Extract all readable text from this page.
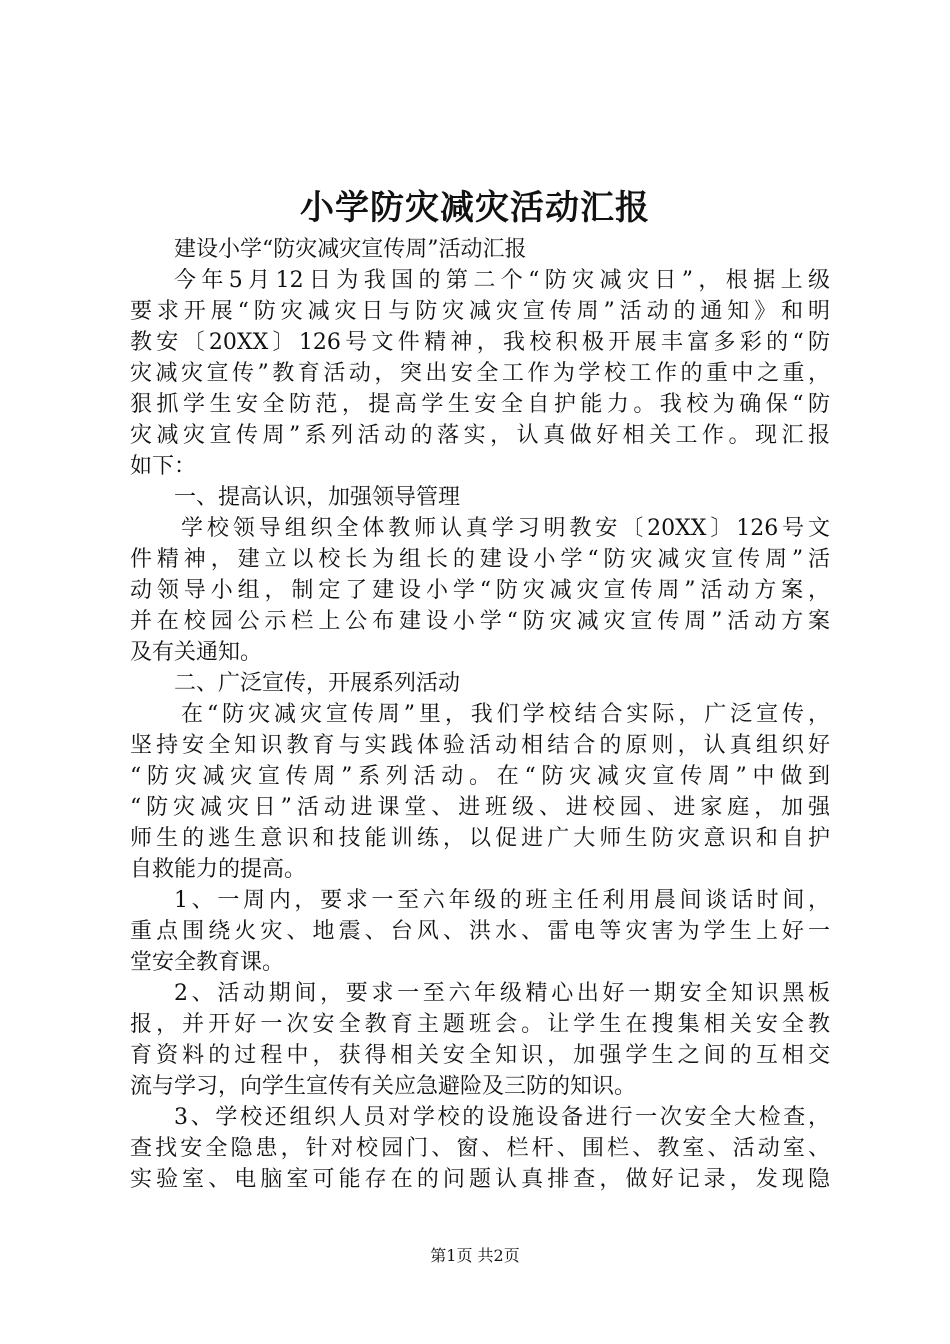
小学防灾减灾活动汇报
建设小学“防灾减灾宣传周”活动汇报
今年5月12日为我国的第二个“防灾减灾日”，根据上级
要求开展“防灾减灾日与防灾减灾宣传周”活动的通知》和明
教安〔20XX〕126号文件精神，我校积极开展丰富多彩的“防
灾减灾宣传”教育活动，突出安全工作为学校工作的重中之重，
狠抓学生安全防范，提高学生安全自护能力。我校为确保“防
灾减灾宣传周”系列活动的落实，认真做好相关工作。现汇报
如下：
一、提高认识，加强领导管理
学校领导组织全体教师认真学习明教安〔20XX〕126号文
件精神，建立以校长为组长的建设小学“防灾减灾宣传周”活
动领导小组，制定了建设小学“防灾减灾宣传周”活动方案，
并在校园公示栏上公布建设小学“防灾减灾宣传周”活动方案
及有关通知。
二、广泛宣传，开展系列活动
在“防灾减灾宣传周”里，我们学校结合实际，广泛宣传，
坚持安全知识教育与实践体验活动相结合的原则，认真组织好
“防灾减灾宣传周”系列活动。在“防灾减灾宣传周”中做到
“防灾减灾日”活动进课堂、进班级、进校园、进家庭，加强
师生的逃生意识和技能训练，以促进广大师生防灾意识和自护
自救能力的提高。
1、一周内，要求一至六年级的班主任利用晨间谈话时间，
重点围绕火灾、地震、台风、洪水、雷电等灾害为学生上好一
堂安全教育课。
2、活动期间，要求一至六年级精心出好一期安全知识黑板
报，并开好一次安全教育主题班会。让学生在搜集相关安全教
育资料的过程中，获得相关安全知识，加强学生之间的互相交
流与学习，向学生宣传有关应急避险及三防的知识。
3、学校还组织人员对学校的设施设备进行一次安全大检查，
查找安全隐患，针对校园门、窗、栏杆、围栏、教室、活动室、
实验室、电脑室可能存在的问题认真排查，做好记录，发现隐
第1页 共2页
